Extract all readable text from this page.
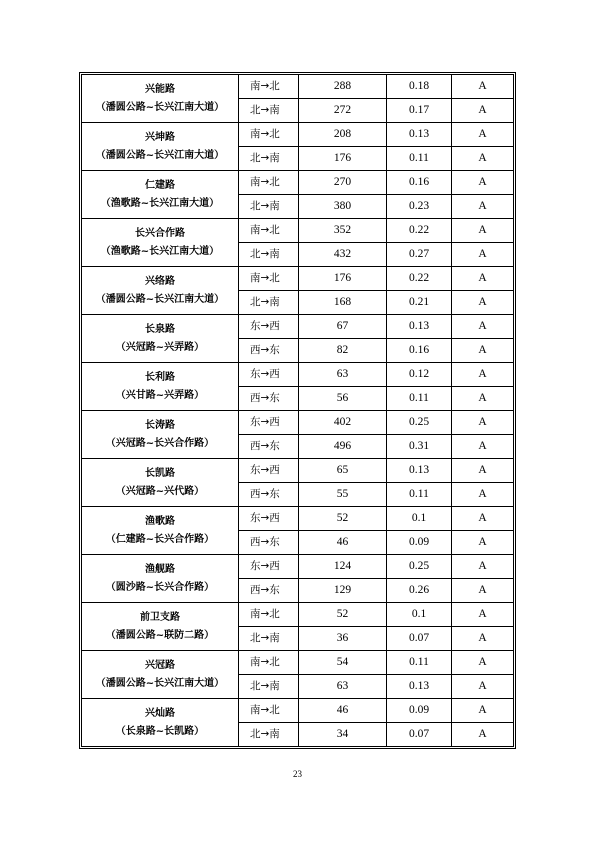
兴能路
（潘圆公路~长兴江南大道）	南→北	288	0.18	A
	北→南	272	0.17	A

兴坤路
（潘圆公路~长兴江南大道）	南→北	208	0.13	A
	北→南	176	0.11	A

仁建路
（渔歌路~长兴江南大道）	南→北	270	0.16	A
	北→南	380	0.23	A

长兴合作路
（渔歌路~长兴江南大道）	南→北	352	0.22	A
	北→南	432	0.27	A

兴络路
（潘圆公路~长兴江南大道）	南→北	176	0.22	A
	北→南	168	0.21	A

长泉路
（兴冠路~兴弄路）	东→西	67	0.13	A
	西→东	82	0.16	A

长利路
（兴甘路~兴弄路）	东→西	63	0.12	A
	西→东	56	0.11	A

长涛路
（兴冠路~长兴合作路）	东→西	402	0.25	A
	西→东	496	0.31	A

长凯路
（兴冠路~兴代路）	东→西	65	0.13	A
	西→东	55	0.11	A

渔歌路
（仁建路~长兴合作路）	东→西	52	0.1	A
	西→东	46	0.09	A

渔舰路
（圆沙路~长兴合作路）	东→西	124	0.25	A
	西→东	129	0.26	A

前卫支路
（潘圆公路~联防二路）	南→北	52	0.1	A
	北→南	36	0.07	A

兴冠路
（潘圆公路~长兴江南大道）	南→北	54	0.11	A
	北→南	63	0.13	A

兴灿路
（长泉路~长凯路）	南→北	46	0.09	A
	北→南	34	0.07	A
23
